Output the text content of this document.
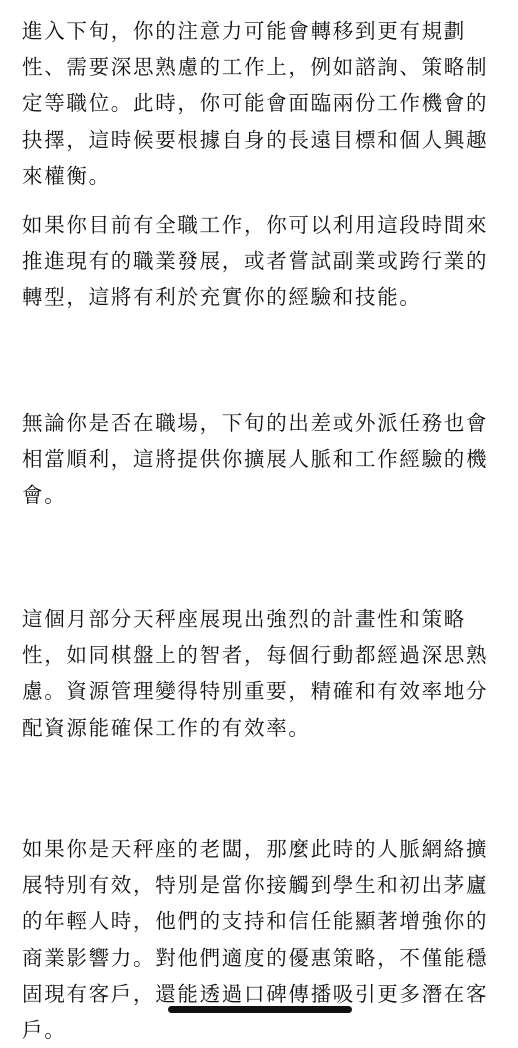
進入下旬，你的注意力可能會轉移到更有規劃性、需要深思熟慮的工作上，例如諮詢、策略制定等職位。此時，你可能會面臨兩份工作機會的抉擇，這時候要根據自身的長遠目標和個人興趣來權衡。

如果你目前有全職工作，你可以利用這段時間來推進現有的職業發展，或者嘗試副業或跨行業的轉型，這將有利於充實你的經驗和技能。

無論你是否在職場，下旬的出差或外派任務也會相當順利，這將提供你擴展人脈和工作經驗的機會。

這個月部分天秤座展現出強烈的計畫性和策略性，如同棋盤上的智者，每個行動都經過深思熟慮。資源管理變得特別重要，精確和有效率地分配資源能確保工作的有效率。

如果你是天秤座的老闆，那麼此時的人脈網絡擴展特別有效，特別是當你接觸到學生和初出茅廬的年輕人時，他們的支持和信任能顯著增強你的商業影響力。對他們適度的優惠策略，不僅能穩固現有客戶，還能透過口碑傳播吸引更多潛在客戶。
